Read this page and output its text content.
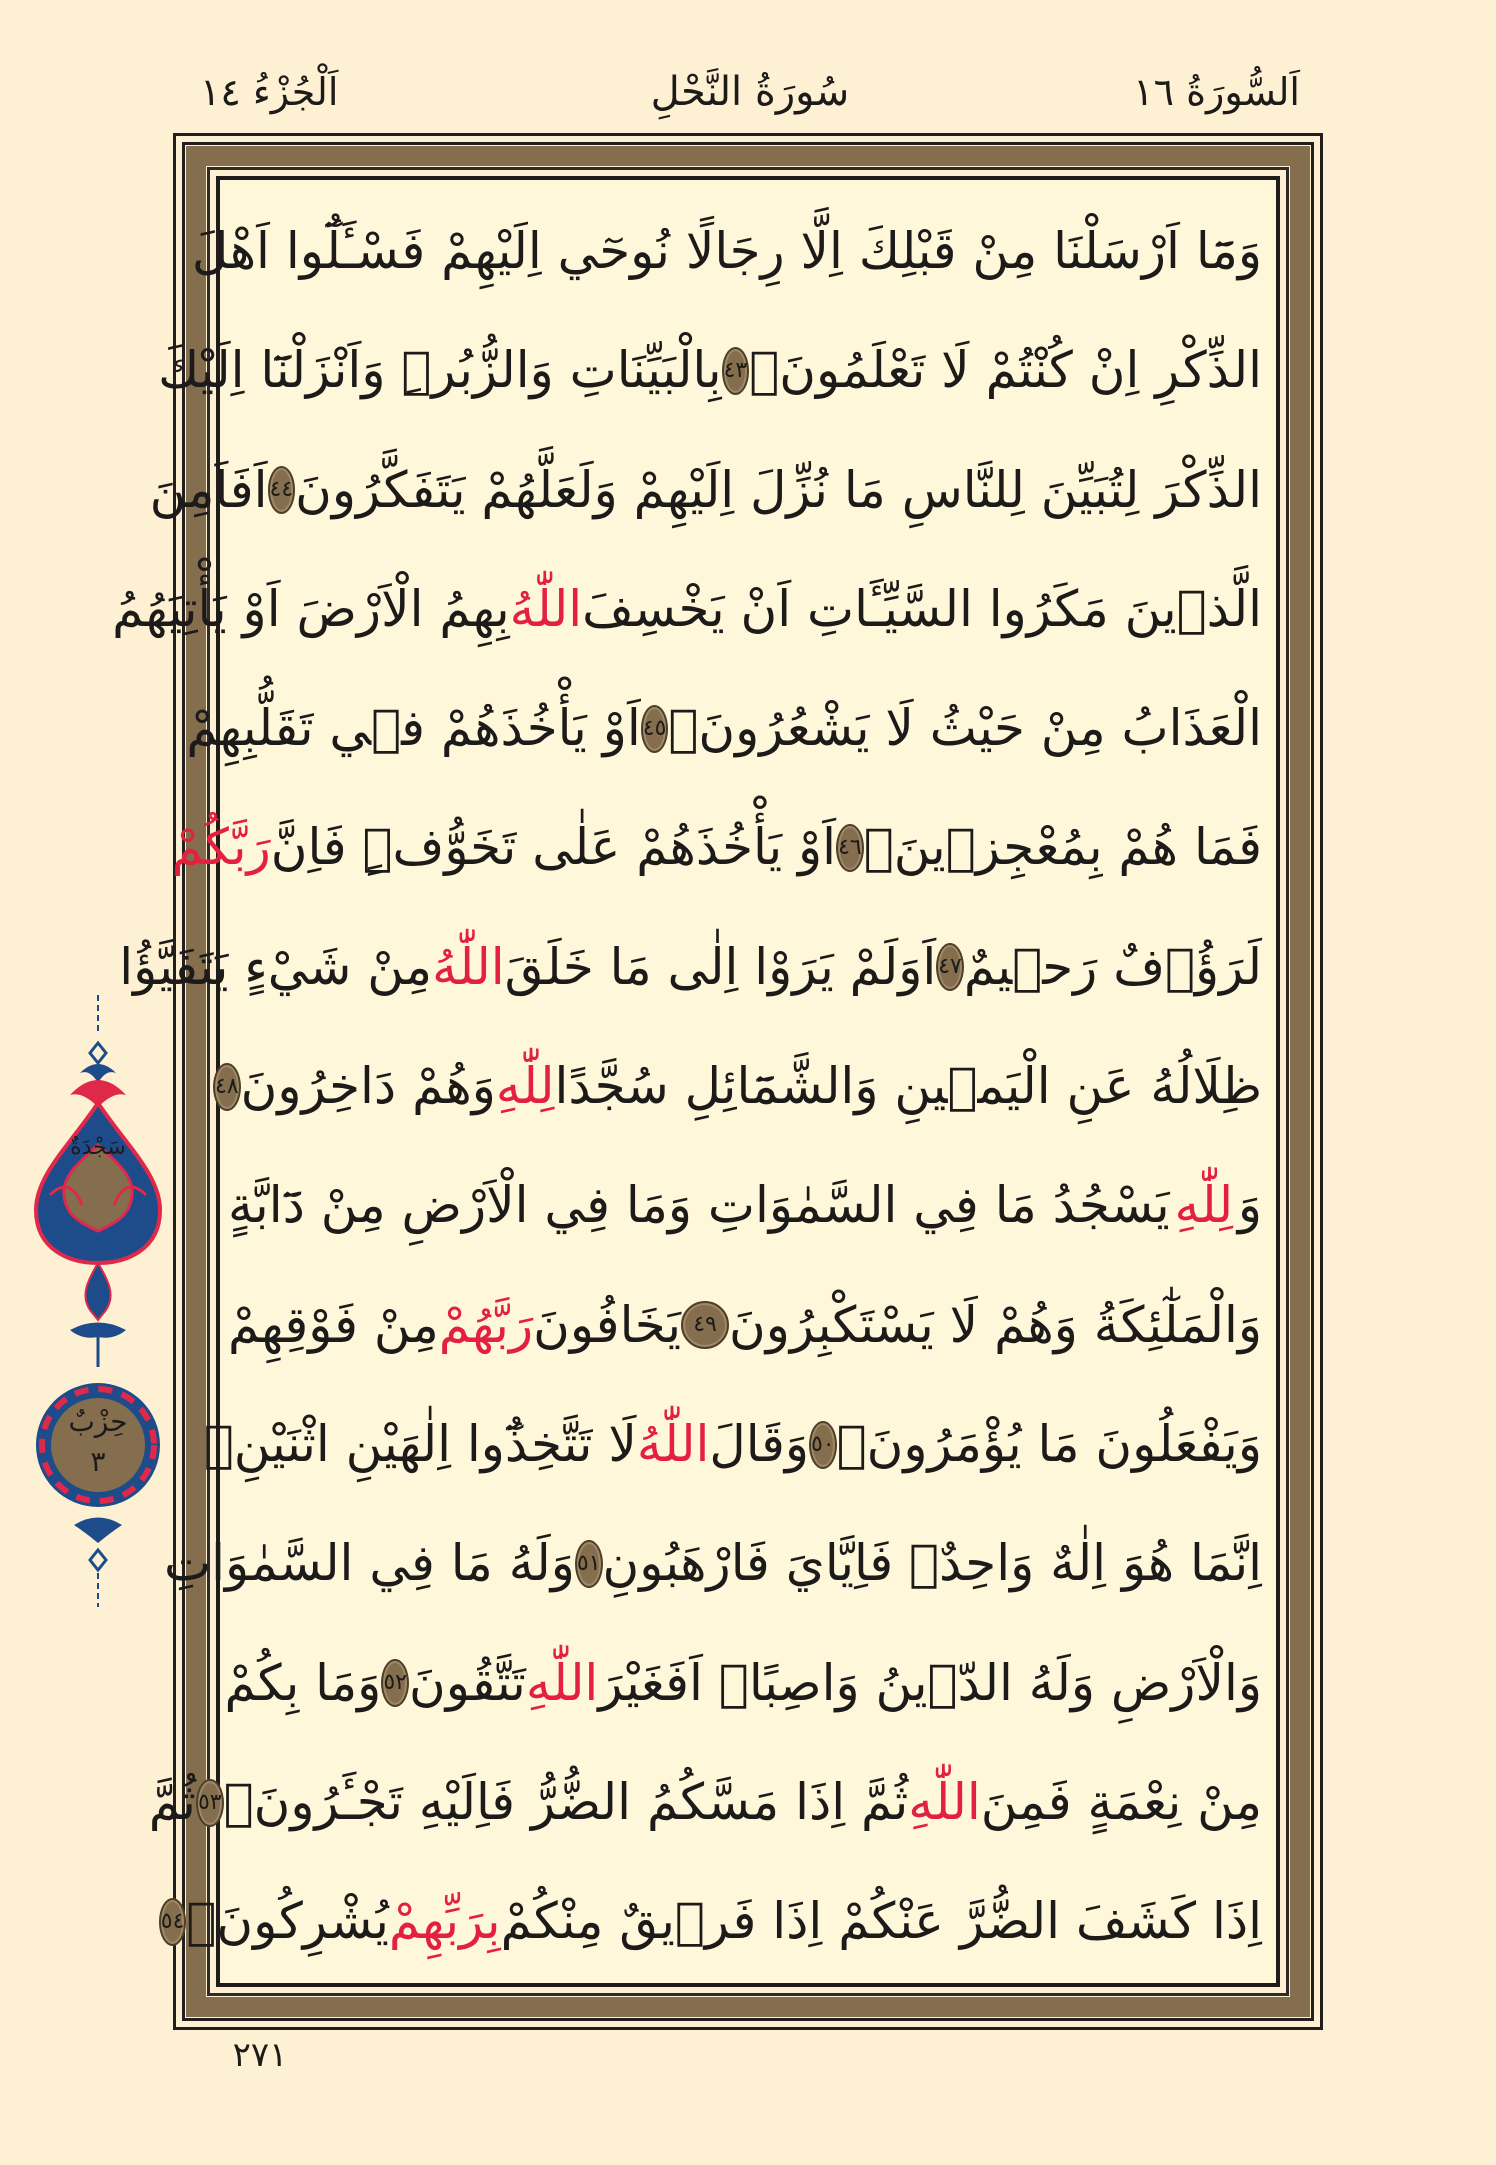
اَلسُّورَةُ ١٦
سُورَةُ النَّحْلِ
اَلْجُزْءُ ١٤
وَمَٓا اَرْسَلْنَا مِنْ قَبْلِكَ اِلَّا رِجَالًا نُوحٓي اِلَيْهِمْ فَسْـَٔلُٓوا اَهْلَ
الذِّكْرِ اِنْ كُنْتُمْ لَا تَعْلَمُونَۙ
٤٣
بِالْبَيِّنَاتِ وَالزُّبُرِۜ وَاَنْزَلْنَٓا اِلَيْكَ
الذِّكْرَ لِتُبَيِّنَ لِلنَّاسِ مَا نُزِّلَ اِلَيْهِمْ وَلَعَلَّهُمْ يَتَفَكَّرُونَ
٤٤
اَفَاَمِنَ
الَّذ۪ينَ مَكَرُوا السَّيِّـَٔاتِ اَنْ يَخْسِفَ
اللّٰهُ
بِهِمُ الْاَرْضَ اَوْ يَأْتِيَهُمُ
الْعَذَابُ مِنْ حَيْثُ لَا يَشْعُرُونَۙ
٤٥
اَوْ يَأْخُذَهُمْ ف۪ي تَقَلُّبِهِمْ
فَمَا هُمْ بِمُعْجِز۪ينَۙ
٤٦
اَوْ يَأْخُذَهُمْ عَلٰى تَخَوُّفٍۜ فَاِنَّ
رَبَّكُمْ
لَرَؤُ۫فٌ رَح۪يمٌ
٤٧
اَوَلَمْ يَرَوْا اِلٰى مَا خَلَقَ
اللّٰهُ
مِنْ شَيْءٍ يَتَفَيَّؤُا
ظِلَالُهُ عَنِ الْيَم۪ينِ وَالشَّمَٓائِلِ سُجَّدًا
لِلّٰهِ
وَهُمْ دَاخِرُونَ
٤٨
وَ
لِلّٰهِ
يَسْجُدُ مَا فِي السَّمٰوَاتِ وَمَا فِي الْاَرْضِ مِنْ دَٓابَّةٍ
وَالْمَلٰٓئِكَةُ وَهُمْ لَا يَسْتَكْبِرُونَ
٤٩
يَخَافُونَ
رَبَّهُمْ
مِنْ فَوْقِهِمْ
وَيَفْعَلُونَ مَا يُؤْمَرُونَ۠
٥٠
وَقَالَ
اللّٰهُ
لَا تَتَّخِذُٓوا اِلٰهَيْنِ اثْنَيْنِۚ
اِنَّمَا هُوَ اِلٰهٌ وَاحِدٌۚ فَاِيَّايَ فَارْهَبُونِ
٥١
وَلَهُ مَا فِي السَّمٰوَاتِ
وَالْاَرْضِ وَلَهُ الدّ۪ينُ وَاصِبًاۜ اَفَغَيْرَ
اللّٰهِ
تَتَّقُونَ
٥٢
وَمَا بِكُمْ
مِنْ نِعْمَةٍ فَمِنَ
اللّٰهِ
ثُمَّ اِذَا مَسَّكُمُ الضُّرُّ فَاِلَيْهِ تَجْـَٔرُونَۚ
٥٣
ثُمَّ
اِذَا كَشَفَ الضُّرَّ عَنْكُمْ اِذَا فَر۪يقٌ مِنْكُمْ
بِرَبِّهِمْ
يُشْرِكُونَۙ
٥٤
سَجْدَةٌ
حِزْبٌ
٣
٢٧١
